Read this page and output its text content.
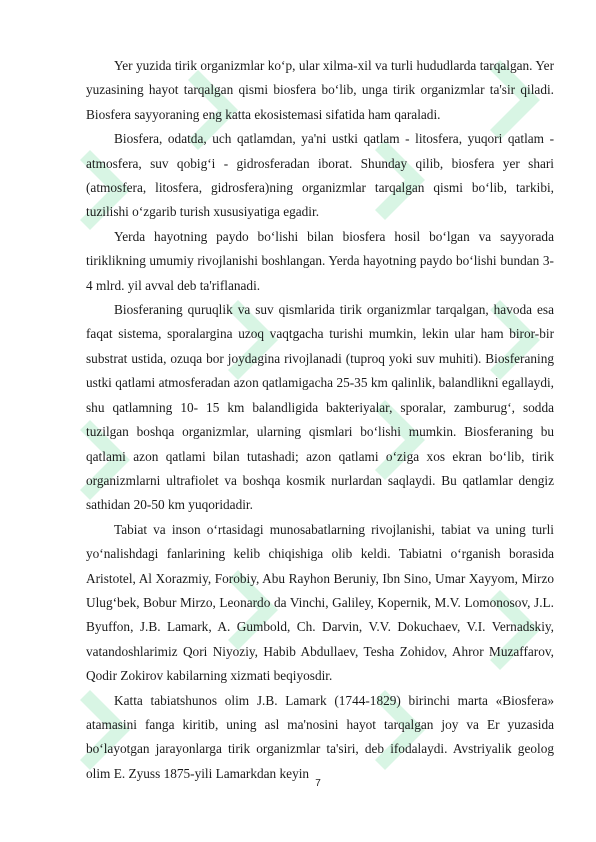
Yer yuzida tirik organizmlar ko‘p, ular xilma-xil va turli hududlarda tarqalgan. Yer yuzasining hayot tarqalgan qismi biosfera bo‘lib, unga tirik organizmlar ta'sir qiladi. Biosfera sayyoraning eng katta ekosistemasi sifatida ham qaraladi.

Biosfera, odatda, uch qatlamdan, ya'ni ustki qatlam - litosfera, yuqori qatlam - atmosfera, suv qobig‘i - gidrosferadan iborat. Shunday qilib, biosfera yer shari (atmosfera, litosfera, gidrosfera)ning organizmlar tarqalgan qismi bo‘lib, tarkibi, tuzilishi o‘zgarib turish xususiyatiga egadir.

Yerda hayotning paydo bo‘lishi bilan biosfera hosil bo‘lgan va sayyorada tiriklikning umumiy rivojlanishi boshlangan. Yerda hayotning paydo bo‘lishi bundan 3-4 mlrd. yil avval deb ta'riflanadi.

Biosferaning quruqlik va suv qismlarida tirik organizmlar tarqalgan, havoda esa faqat sistema, sporalargina uzoq vaqtgacha turishi mumkin, lekin ular ham biror-bir substrat ustida, ozuqa bor joydagina rivojlanadi (tuproq yoki suv muhiti). Biosferaning ustki qatlami atmosferadan azon qatlamigacha 25-35 km qalinlik, balandlikni egallaydi, shu qatlamning 10- 15 km balandligida bakteriyalar, sporalar, zamburug‘, sodda tuzilgan boshqa organizmlar, ularning qismlari bo‘lishi mumkin. Biosferaning bu qatlami azon qatlami bilan tutashadi; azon qatlami o‘ziga xos ekran bo‘lib, tirik organizmlarni ultrafiolet va boshqa kosmik nurlardan saqlaydi. Bu qatlamlar dengiz sathidan 20-50 km yuqoridadir.

Tabiat va inson o‘rtasidagi munosabatlarning rivojlanishi, tabiat va uning turli yo‘nalishdagi fanlarining kelib chiqishiga olib keldi. Tabiatni o‘rganish borasida Aristotel, Al Xorazmiy, Forobiy, Abu Rayhon Beruniy, Ibn Sino, Umar Xayyom, Mirzo Ulug‘bek, Bobur Mirzo, Leonardo da Vinchi, Galiley, Kopernik, M.V. Lomonosov, J.L. Byuffon, J.B. Lamark, A. Gumbold, Ch. Darvin, V.V. Dokuchaev, V.I. Vernadskiy, vatandoshlarimiz Qori Niyoziy, Habib Abdullaev, Tesha Zohidov, Ahror Muzaffarov, Qodir Zokirov kabilarning xizmati beqiyosdir.

Katta tabiatshunos olim J.B. Lamark (1744-1829) birinchi marta «Biosfera» atamasini fanga kiritib, uning asl ma'nosini hayot tarqalgan joy va Er yuzasida bo‘layotgan jarayonlarga tirik organizmlar ta'siri, deb ifodalaydi. Avstriyalik geolog olim E. Zyuss 1875-yili Lamarkdan keyin

7
